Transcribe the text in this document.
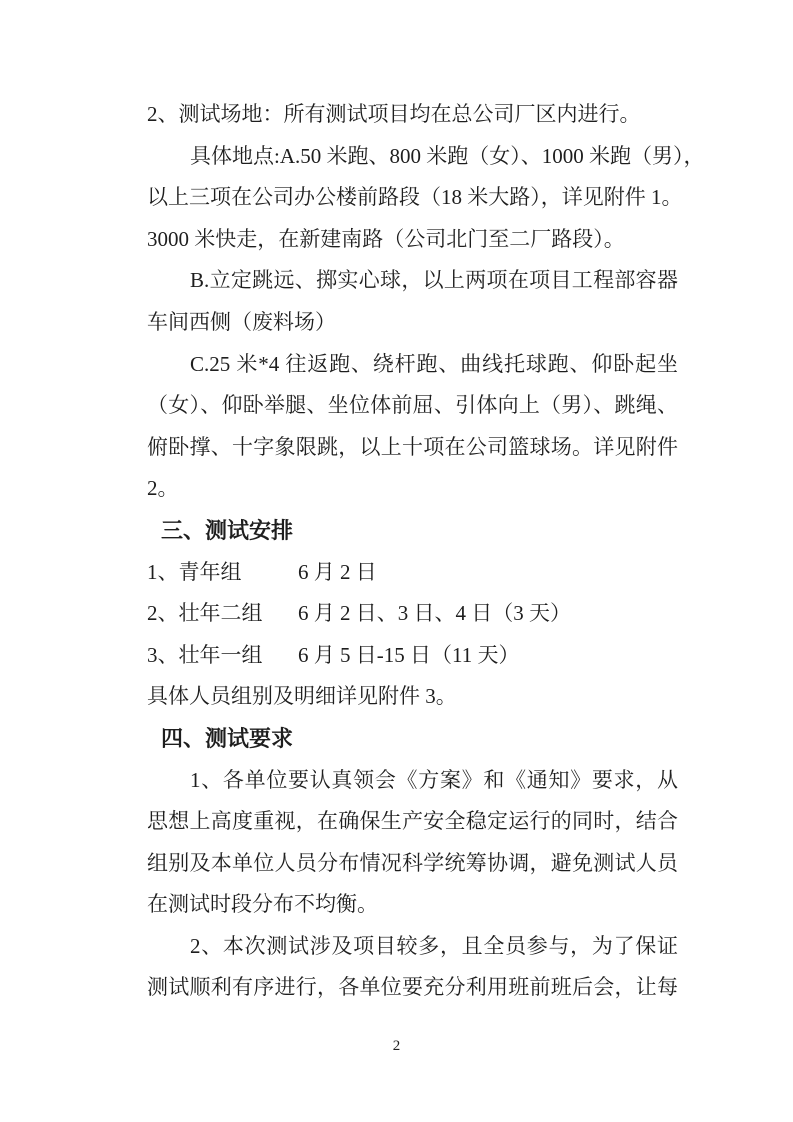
2、测试场地：所有测试项目均在总公司厂区内进行。
具体地点:A.50 米跑、800 米跑（女）、1000 米跑（男），
以上三项在公司办公楼前路段（18 米大路），详见附件 1。
3000 米快走，在新建南路（公司北门至二厂路段）。
B.立定跳远、掷实心球，以上两项在项目工程部容器
车间西侧（废料场）
C.25 米*4 往返跑、绕杆跑、曲线托球跑、仰卧起坐
（女）、仰卧举腿、坐位体前屈、引体向上（男）、跳绳、
俯卧撑、十字象限跳，以上十项在公司篮球场。详见附件
2。
三、测试安排
1、青年组	6 月 2 日
2、壮年二组 6 月 2 日、3 日、4 日（3 天）
3、壮年一组 6 月 5 日-15 日（11 天）
具体人员组别及明细详见附件 3。
四、测试要求
1、各单位要认真领会《方案》和《通知》要求，从
思想上高度重视，在确保生产安全稳定运行的同时，结合
组别及本单位人员分布情况科学统筹协调，避免测试人员
在测试时段分布不均衡。
2、本次测试涉及项目较多，且全员参与，为了保证
测试顺利有序进行，各单位要充分利用班前班后会，让每
2
